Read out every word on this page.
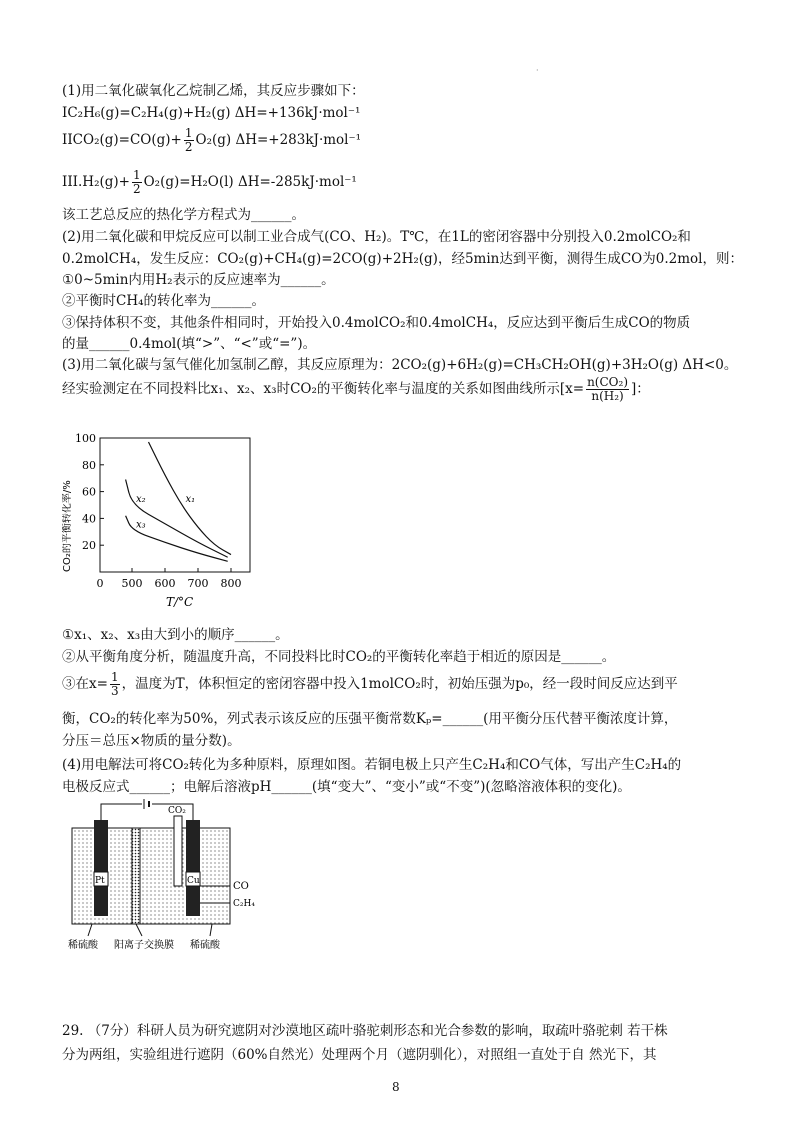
·
(1)用二氧化碳氧化乙烷制乙烯，其反应步骤如下：
IC₂H₆(g)=C₂H₄(g)+H₂(g) ΔH=+136kJ·mol⁻¹
IICO₂(g)=CO(g)+ $\frac{1}{2} O_2(g)$ ΔH=+283kJ·mol⁻¹
$III.H_2(g)+ \frac{1}{2} O_2(g)=H_2O(l)$ ΔH=-285kJ·mol⁻¹
该工艺总反应的热化学方程式为______。
(2)用二氧化碳和甲烷反应可以制工业合成气(CO、H₂)。T℃，在1L的密闭容器中分别投入0.2molCO₂和
0.2molCH₄，发生反应：CO₂(g)+CH₄(g)=2CO(g)+2H₂(g)，经5min达到平衡，测得生成CO为0.2mol，则：
①0~5min内用H₂表示的反应速率为______。
②平衡时CH₄的转化率为______。
③保持体积不变，其他条件相同时，开始投入0.4molCO₂和0.4molCH₄，反应达到平衡后生成CO的物质
的量______0.4mol(填“>”、“<”或“=”)。
(3)用二氧化碳与氢气催化加氢制乙醇，其反应原理为：2CO₂(g)+6H₂(g)=CH₃CH₂OH(g)+3H₂O(g) ΔH<0。
经实验测定在不同投料比x₁、x₂、x₃时CO₂的平衡转化率与温度的关系如图曲线所示[$x= \frac{\text{n(CO₂)}}{\text{n(H₂)}}$ ]：
20
40
60
80
100
0 500 600 700 800
x₁
x₂
x₃
CO₂的平衡转化率/%
T/°C
①x₁、x₂、x₃由大到小的顺序______。
②从平衡角度分析，随温度升高，不同投料比时CO₂的平衡转化率趋于相近的原因是______。
③在$x= \frac{1}{3}$ ，温度为T，体积恒定的密闭容器中投入1molCO₂时，初始压强为p₀，经一段时间反应达到平
衡，CO₂的转化率为50%，列式表示该反应的压强平衡常数Kₚ=______(用平衡分压代替平衡浓度计算，
分压＝总压×物质的量分数)。
(4)用电解法可将CO₂转化为多种原料，原理如图。若铜电极上只产生C₂H₄和CO气体，写出产生C₂H₄的
电极反应式______；电解后溶液pH______(填“变大”、“变小”或“不变”)(忽略溶液体积的变化)。
Pt	Cu
CO₂
CO
C₂H₄
稀硫酸 阳离子交换膜 稀硫酸
29. （7分）科研人员为研究遮阴对沙漠地区疏叶骆驼刺形态和光合参数的影响，取疏叶骆驼刺 若干株
分为两组，实验组进行遮阴（60%自然光）处理两个月（遮阴驯化），对照组一直处于自 然光下，其
8
